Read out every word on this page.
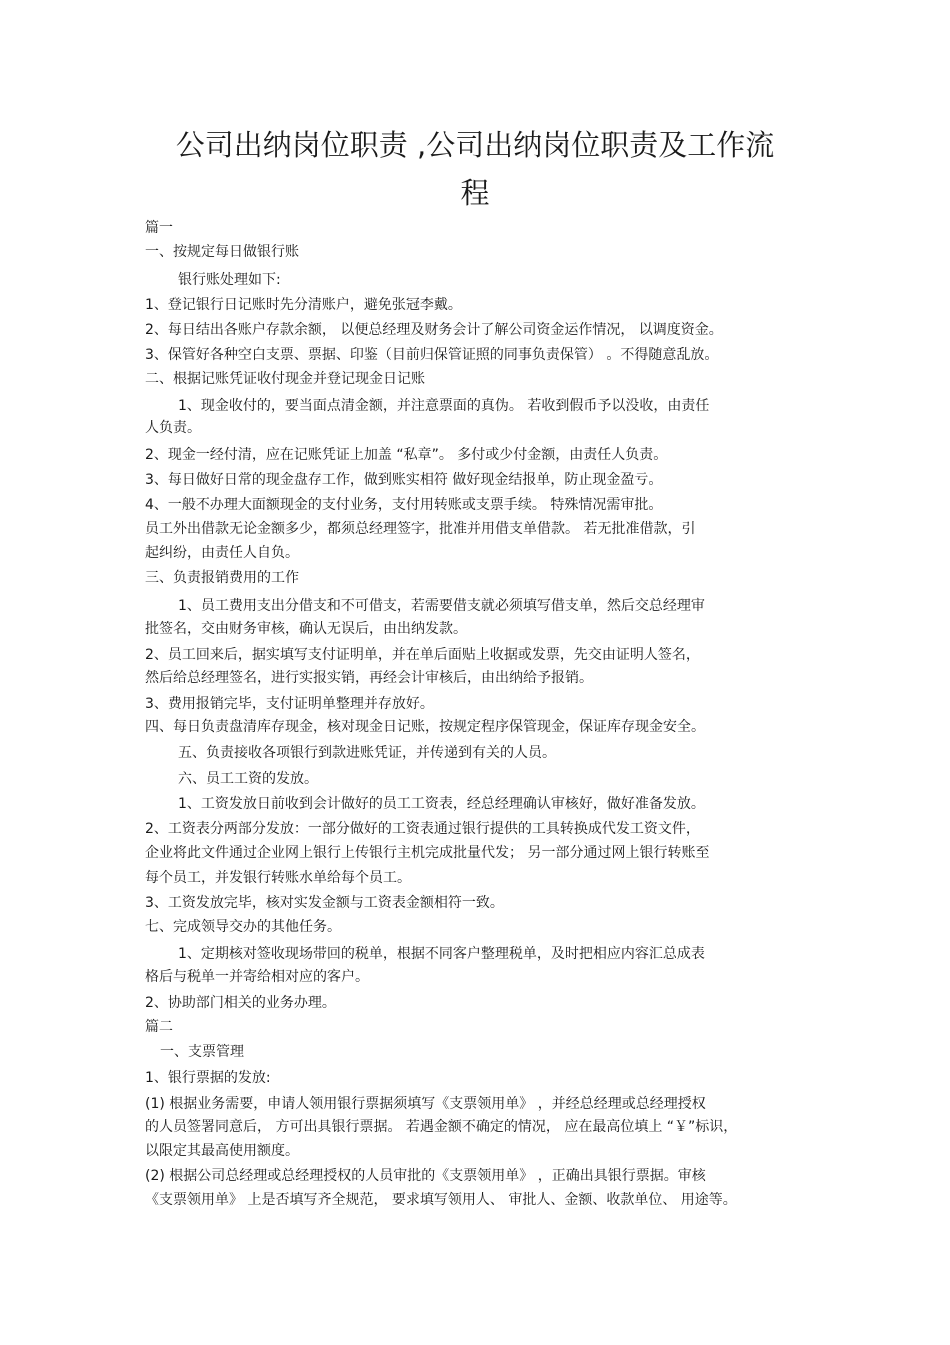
公司出纳岗位职责 ,公司出纳岗位职责及工作流
程
篇一
一、按规定每日做银行账
银行账处理如下:
1、登记银行日记账时先分清账户，避免张冠李戴。
2、每日结出各账户存款余额， 以便总经理及财务会计了解公司资金运作情况， 以调度资金。
3、保管好各种空白支票、票据、印鉴（目前归保管证照的同事负责保管） 。不得随意乱放。
二、根据记账凭证收付现金并登记现金日记账
1、现金收付的，要当面点清金额，并注意票面的真伪。 若收到假币予以没收，由责任
人负责。
2、现金一经付清，应在记账凭证上加盖 “私章”。 多付或少付金额，由责任人负责。
3、每日做好日常的现金盘存工作，做到账实相符 做好现金结报单，防止现金盈亏。
4、一般不办理大面额现金的支付业务，支付用转账或支票手续。 特殊情况需审批。
员工外出借款无论金额多少，都须总经理签字，批准并用借支单借款。 若无批准借款，引
起纠纷，由责任人自负。
三、负责报销费用的工作
1、员工费用支出分借支和不可借支，若需要借支就必须填写借支单，然后交总经理审
批签名，交由财务审核，确认无误后，由出纳发款。
2、员工回来后，据实填写支付证明单，并在单后面贴上收据或发票，先交由证明人签名，
然后给总经理签名，进行实报实销，再经会计审核后，由出纳给予报销。
3、费用报销完毕，支付证明单整理并存放好。
四、每日负责盘清库存现金，核对现金日记账，按规定程序保管现金，保证库存现金安全。
五、负责接收各项银行到款进账凭证，并传递到有关的人员。
六、员工工资的发放。
1、工资发放日前收到会计做好的员工工资表，经总经理确认审核好，做好准备发放。
2、工资表分两部分发放：一部分做好的工资表通过银行提供的工具转换成代发工资文件，
企业将此文件通过企业网上银行上传银行主机完成批量代发； 另一部分通过网上银行转账至
每个员工，并发银行转账水单给每个员工。
3、工资发放完毕，核对实发金额与工资表金额相符一致。
七、完成领导交办的其他任务。
1、定期核对签收现场带回的税单，根据不同客户整理税单，及时把相应内容汇总成表
格后与税单一并寄给相对应的客户。
2、协助部门相关的业务办理。
篇二
一、支票管理
1、银行票据的发放:
(1) 根据业务需要，申请人领用银行票据须填写《支票领用单》 ，并经总经理或总经理授权
的人员签署同意后， 方可出具银行票据。 若遇金额不确定的情况， 应在最高位填上 “￥”标识，
以限定其最高使用额度。
(2) 根据公司总经理或总经理授权的人员审批的《支票领用单》 ，正确出具银行票据。审核
《支票领用单》 上是否填写齐全规范， 要求填写领用人、 审批人、金额、收款单位、 用途等。
